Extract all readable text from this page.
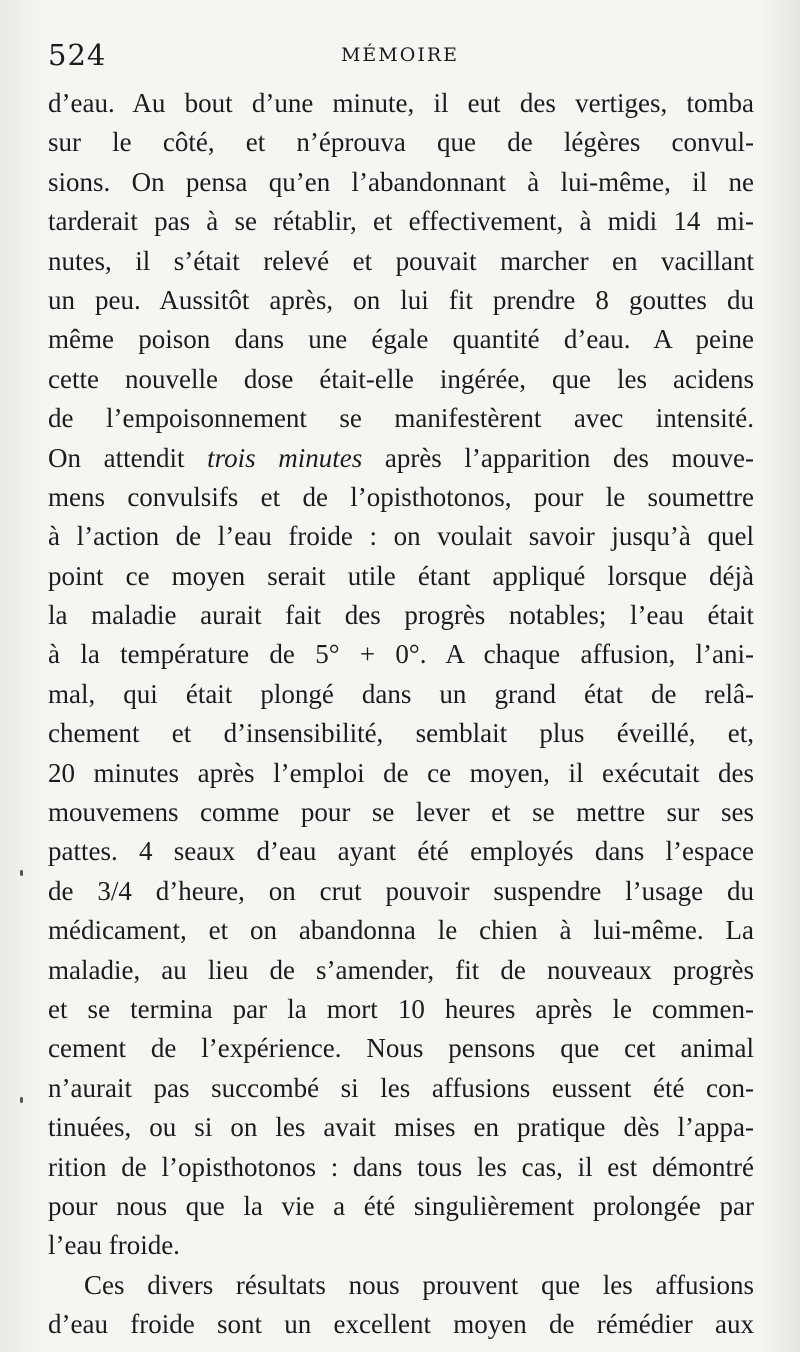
524	MÉMOIRE
d’eau. Au bout d’une minute, il eut des vertiges, tomba
sur le côté, et n’éprouva que de légères convul-
sions. On pensa qu’en l’abandonnant à lui-même, il ne
tarderait pas à se rétablir, et effectivement, à midi 14 mi-
nutes, il s’était relevé et pouvait marcher en vacillant
un peu. Aussitôt après, on lui fit prendre 8 gouttes du
même poison dans une égale quantité d’eau. A peine
cette nouvelle dose était-elle ingérée, que les acidens
de l’empoisonnement se manifestèrent avec intensité.
On attendit trois minutes après l’apparition des mouve-
mens convulsifs et de l’opisthotonos, pour le soumettre
à l’action de l’eau froide : on voulait savoir jusqu’à quel
point ce moyen serait utile étant appliqué lorsque déjà
la maladie aurait fait des progrès notables; l’eau était
à la température de 5° + 0°. A chaque affusion, l’ani-
mal, qui était plongé dans un grand état de relâ-
chement et d’insensibilité, semblait plus éveillé, et,
20 minutes après l’emploi de ce moyen, il exécutait des
mouvemens comme pour se lever et se mettre sur ses
pattes. 4 seaux d’eau ayant été employés dans l’espace
de 3/4 d’heure, on crut pouvoir suspendre l’usage du
médicament, et on abandonna le chien à lui-même. La
maladie, au lieu de s’amender, fit de nouveaux progrès
et se termina par la mort 10 heures après le commen-
cement de l’expérience. Nous pensons que cet animal
n’aurait pas succombé si les affusions eussent été con-
tinuées, ou si on les avait mises en pratique dès l’appa-
rition de l’opisthotonos : dans tous les cas, il est démontré
pour nous que la vie a été singulièrement prolongée par
l’eau froide.
Ces divers résultats nous prouvent que les affusions
d’eau froide sont un excellent moyen de rémédier aux
